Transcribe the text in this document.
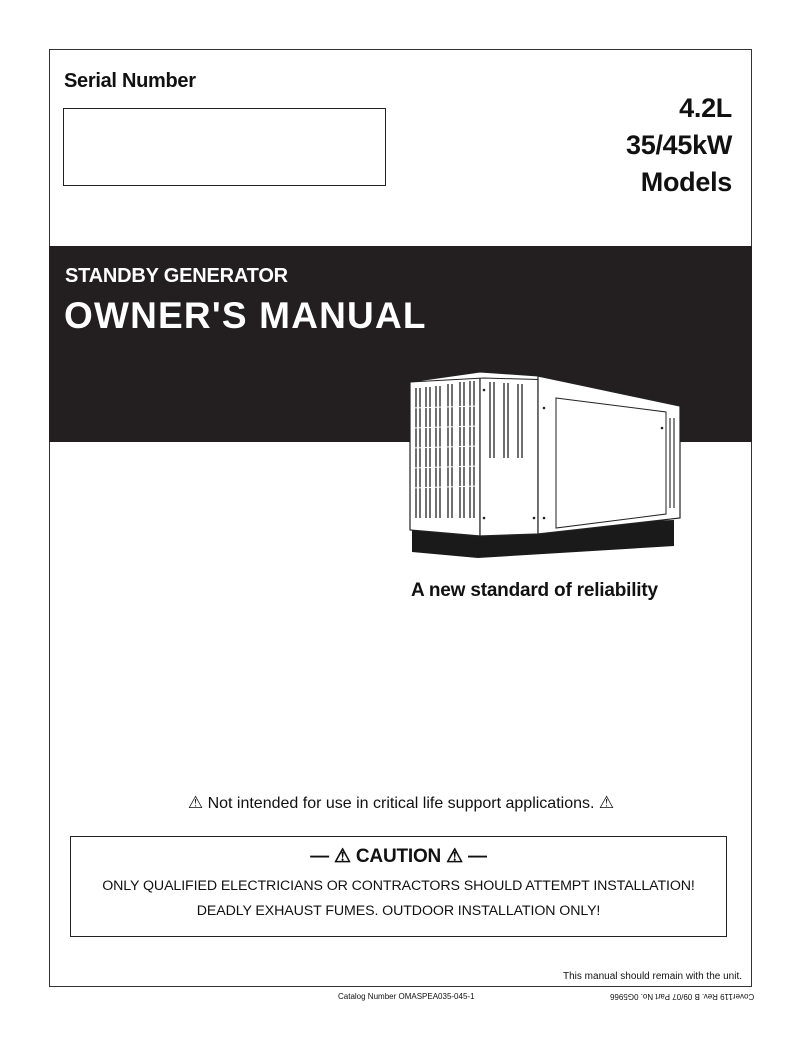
Serial Number
4.2L
35/45kW
Models
STANDBY GENERATOR
OWNER'S MANUAL
A new standard of reliability
⚠ Not intended for use in critical life support applications. ⚠
— ⚠ CAUTION ⚠ —
ONLY QUALIFIED ELECTRICIANS OR CONTRACTORS SHOULD ATTEMPT INSTALLATION!
DEADLY EXHAUST FUMES. OUTDOOR INSTALLATION ONLY!
This manual should remain with the unit.
Catalog Number OMASPEA035-045-1	Cover119 Rev. B 09/07 Part No. 0G5966
